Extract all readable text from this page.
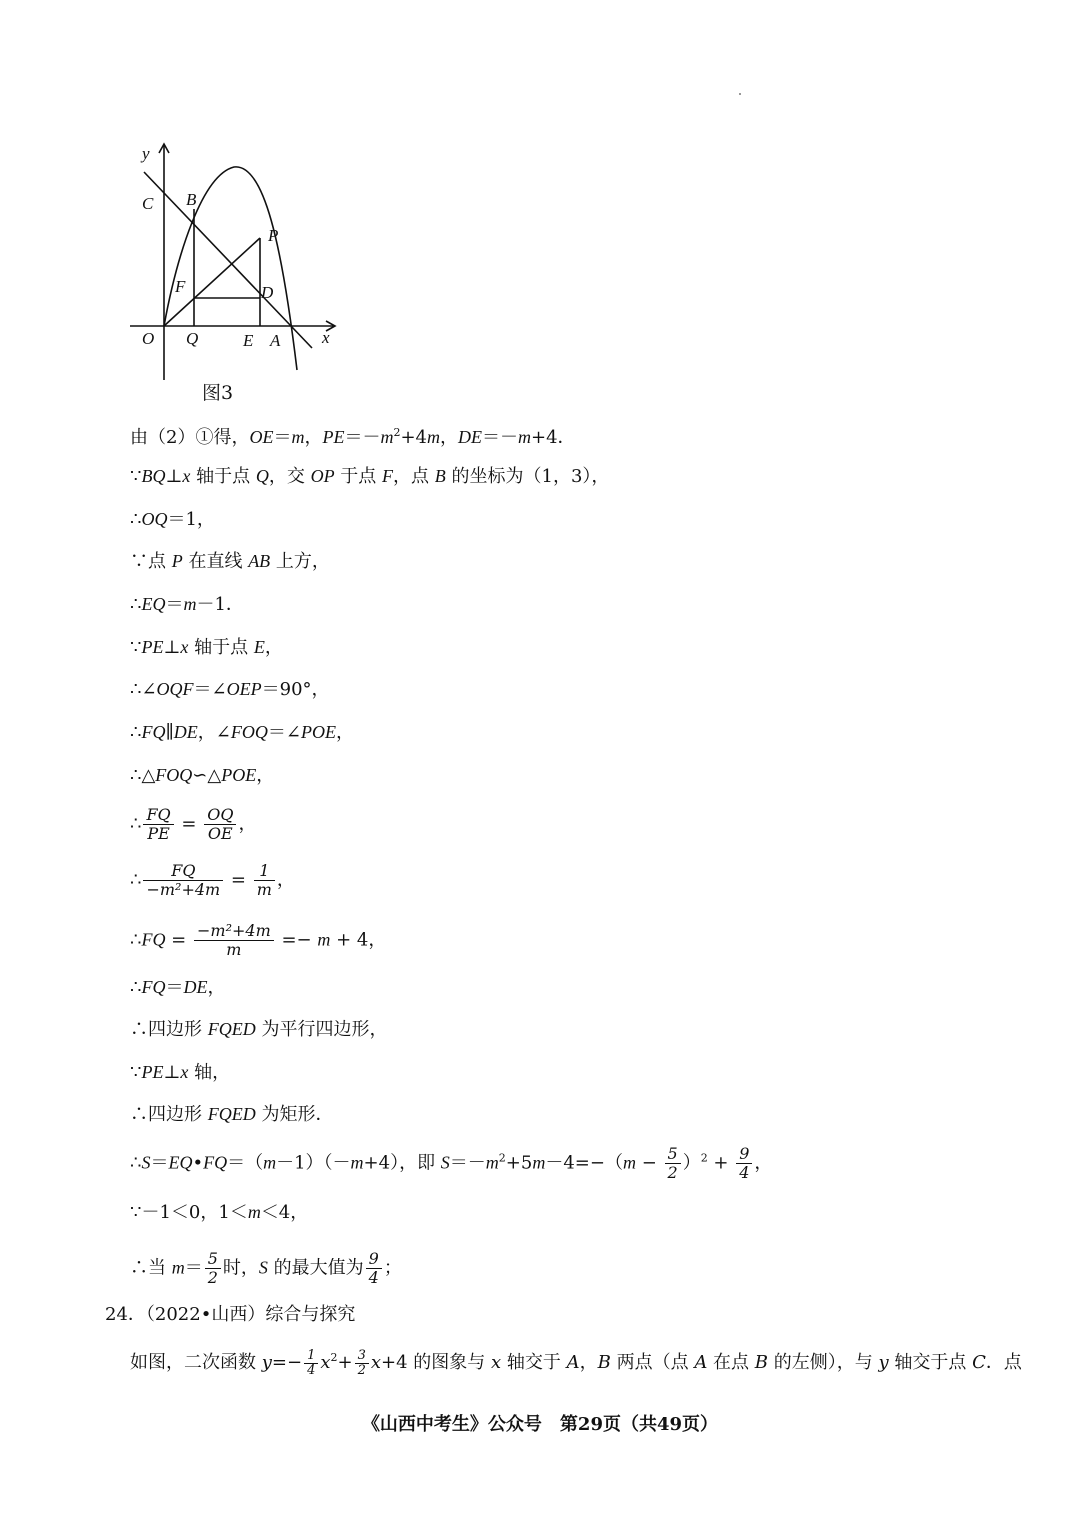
y
C B
P
F	D
O Q	E A x
图3
由（2）①得，OE＝m，$PE=-m^2+4m$，DE＝－m+4．
∵BQ⊥x 轴于点 Q，交 OP 于点 F，点 B 的坐标为（1，3），
∴OQ＝1，
∵点 P 在直线 AB 上方，
∴EQ＝m－1．
∵PE⊥x 轴于点 E，
∴∠OQF＝∠OEP＝90°，
∴FQ∥DE，∠FOQ＝∠POE，
∴△FOQ∽△POE，
∴ $\frac{FQ}{PE} = \frac{OQ}{OE}$ ，
∴ $\frac{FQ}{\text{−m²+4m}} = \frac{1}{m}$ ，
∴FQ = $\frac{\text{−m²+4m}}{m} =- m + 4$，
∴FQ＝DE，
∴四边形 FQED 为平行四边形，
∵PE⊥x 轴，
∴四边形 FQED 为矩形．
∴S＝EQ•FQ＝（m－1）（－m+4），即 $S=-m^2+5m-4=-(m - \frac{5}{2} )^2 + \frac{9}{4}$ ，
∵－1＜0，1＜m＜4，
∴当 $m= \frac{5}{2}$ 时，S 的最大值为 $\frac{9}{4}$ ；
24．（2022•山西）综合与探究
如图，二次函数 $y=- \frac{1}{4} x^2+ \frac{3}{2} x+4$ 的图象与 x 轴交于 A，B 两点（点 A 在点 B 的左侧），与 y 轴交于点 C．点
《山西中考生》公众号　第29页（共49页）
